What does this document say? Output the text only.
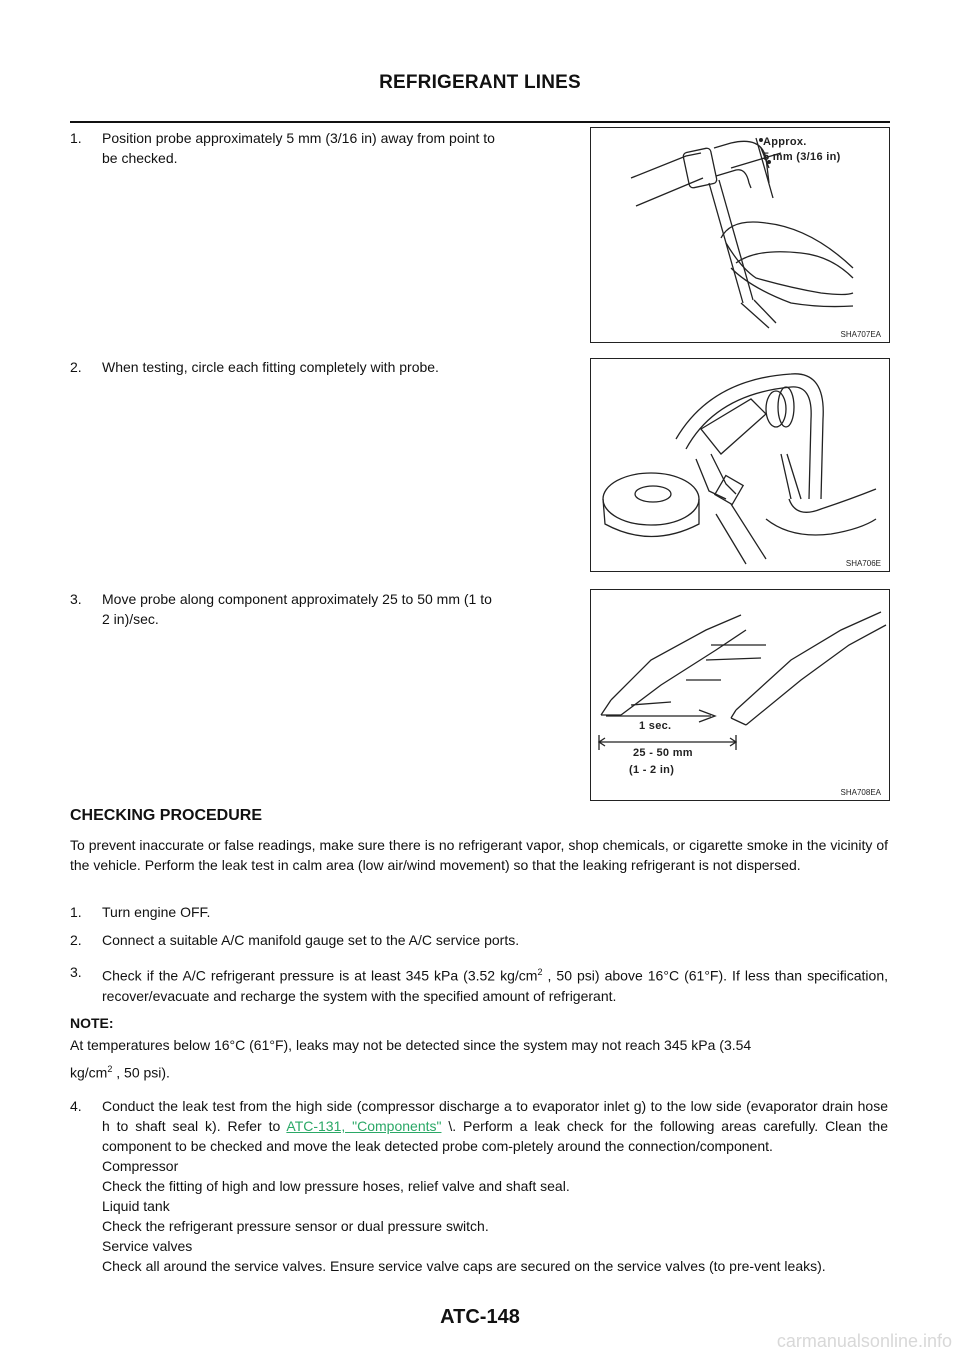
REFRIGERANT LINES
1. Position probe approximately 5 mm (3/16 in) away from point to
be checked.
Approx.
5 mm (3/16 in)
SHA707EA
2. When testing, circle each fitting completely with probe.
SHA706E
3. Move probe along component approximately 25 to 50 mm (1 to
2 in)/sec.
1 sec.
25 - 50 mm
(1 - 2 in)
SHA708EA
CHECKING PROCEDURE
To prevent inaccurate or false readings, make sure there is no refrigerant vapor, shop chemicals, or cigarette smoke in the vicinity of the vehicle. Perform the leak test in calm area (low air/wind movement) so that the leaking refrigerant is not dispersed.
1. Turn engine OFF.
2. Connect a suitable A/C manifold gauge set to the A/C service ports.
3. Check if the A/C refrigerant pressure is at least 345 kPa (3.52 $kg/cm^2$ , 50 psi) above 16°C (61°F). If less than specification, recover/evacuate and recharge the system with the specified amount of refrigerant.
NOTE:
At temperatures below 16°C (61°F), leaks may not be detected since the system may not reach 345 kPa (3.54
$kg/cm^2$ , 50 psi).
4. Conduct the leak test from the high side (compressor discharge a to evaporator inlet g) to the low side (evaporator drain hose h to shaft seal k). Refer to ATC-131, "Components" \. Perform a leak check for the following areas carefully. Clean the component to be checked and move the leak detected probe com-pletely around the connection/component.
Compressor
Check the fitting of high and low pressure hoses, relief valve and shaft seal.
Liquid tank
Check the refrigerant pressure sensor or dual pressure switch.
Service valves
Check all around the service valves. Ensure service valve caps are secured on the service valves (to pre-vent leaks).
ATC-148
carmanualsonline.info
